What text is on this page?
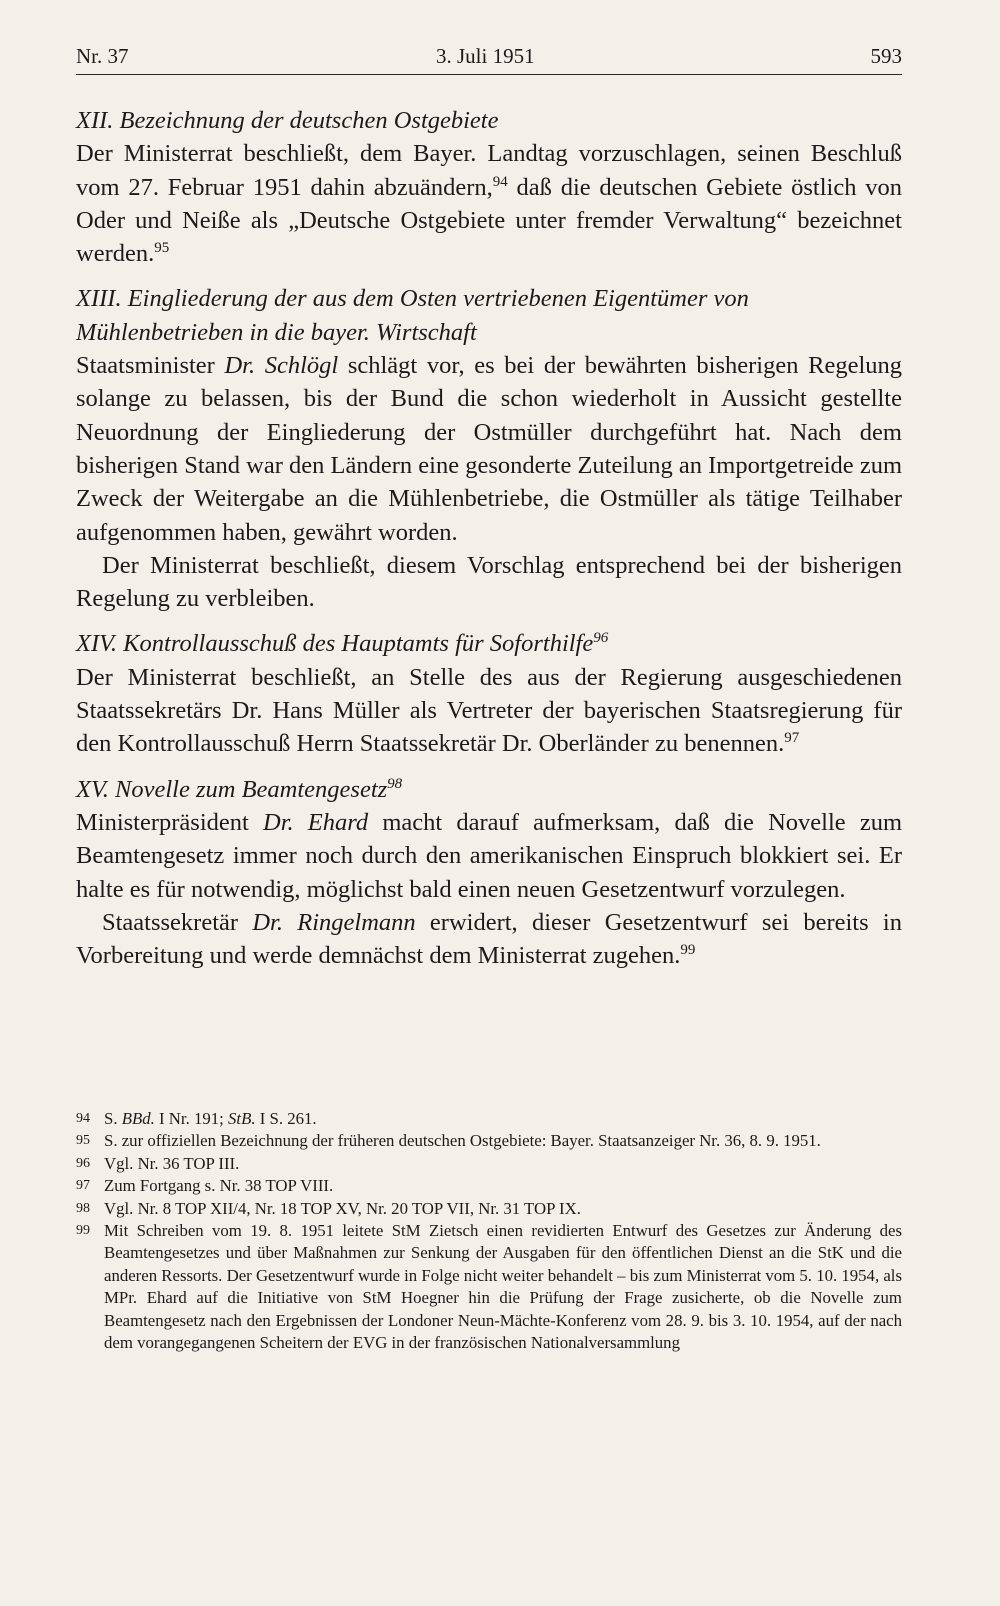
Nr. 37	3. Juli 1951	593
XII. Bezeichnung der deutschen Ostgebiete

Der Ministerrat beschließt, dem Bayer. Landtag vorzuschlagen, seinen Beschluß vom 27. Februar 1951 dahin abzuändern,$^{94}$ daß die deutschen Gebiete östlich von Oder und Neiße als „Deutsche Ostgebiete unter fremder Verwaltung“ bezeichnet werden.$^{95}$

XIII. Eingliederung der aus dem Osten vertriebenen Eigentümer von Mühlenbetrieben in die bayer. Wirtschaft

Staatsminister Dr. Schlögl schlägt vor, es bei der bewährten bisherigen Regelung solange zu belassen, bis der Bund die schon wiederholt in Aussicht gestellte Neuordnung der Eingliederung der Ostmüller durchgeführt hat. Nach dem bisherigen Stand war den Ländern eine gesonderte Zuteilung an Importgetreide zum Zweck der Weitergabe an die Mühlenbetriebe, die Ostmüller als tätige Teilhaber aufgenommen haben, gewährt worden.

Der Ministerrat beschließt, diesem Vorschlag entsprechend bei der bisherigen Regelung zu verbleiben.

XIV. Kontrollausschuß des Hauptamts für Soforthilfe$^{96}$

Der Ministerrat beschließt, an Stelle des aus der Regierung ausgeschiedenen Staatssekretärs Dr. Hans Müller als Vertreter der bayerischen Staatsregierung für den Kontrollausschuß Herrn Staatssekretär Dr. Oberländer zu benennen.$^{97}$

XV. Novelle zum Beamtengesetz$^{98}$

Ministerpräsident Dr. Ehard macht darauf aufmerksam, daß die Novelle zum Beamtengesetz immer noch durch den amerikanischen Einspruch blokkiert sei. Er halte es für notwendig, möglichst bald einen neuen Gesetzentwurf vorzulegen.

Staatssekretär Dr. Ringelmann erwidert, dieser Gesetzentwurf sei bereits in Vorbereitung und werde demnächst dem Ministerrat zugehen.$^{99}$

94 S. BBd. I Nr. 191; StB. I S. 261.
95 S. zur offiziellen Bezeichnung der früheren deutschen Ostgebiete: Bayer. Staatsanzeiger Nr. 36, 8. 9. 1951.
96 Vgl. Nr. 36 TOP III.
97 Zum Fortgang s. Nr. 38 TOP VIII.
98 Vgl. Nr. 8 TOP XII/4, Nr. 18 TOP XV, Nr. 20 TOP VII, Nr. 31 TOP IX.
99 Mit Schreiben vom 19. 8. 1951 leitete StM Zietsch einen revidierten Entwurf des Gesetzes zur Änderung des Beamtengesetzes und über Maßnahmen zur Senkung der Ausgaben für den öffentlichen Dienst an die StK und die anderen Ressorts. Der Gesetzentwurf wurde in Folge nicht weiter behandelt – bis zum Ministerrat vom 5. 10. 1954, als MPr. Ehard auf die Initiative von StM Hoegner hin die Prüfung der Frage zusicherte, ob die Novelle zum Beamtengesetz nach den Ergebnissen der Londoner Neun-Mächte-Konferenz vom 28. 9. bis 3. 10. 1954, auf der nach dem vorangegangenen Scheitern der EVG in der französischen Nationalversammlung
